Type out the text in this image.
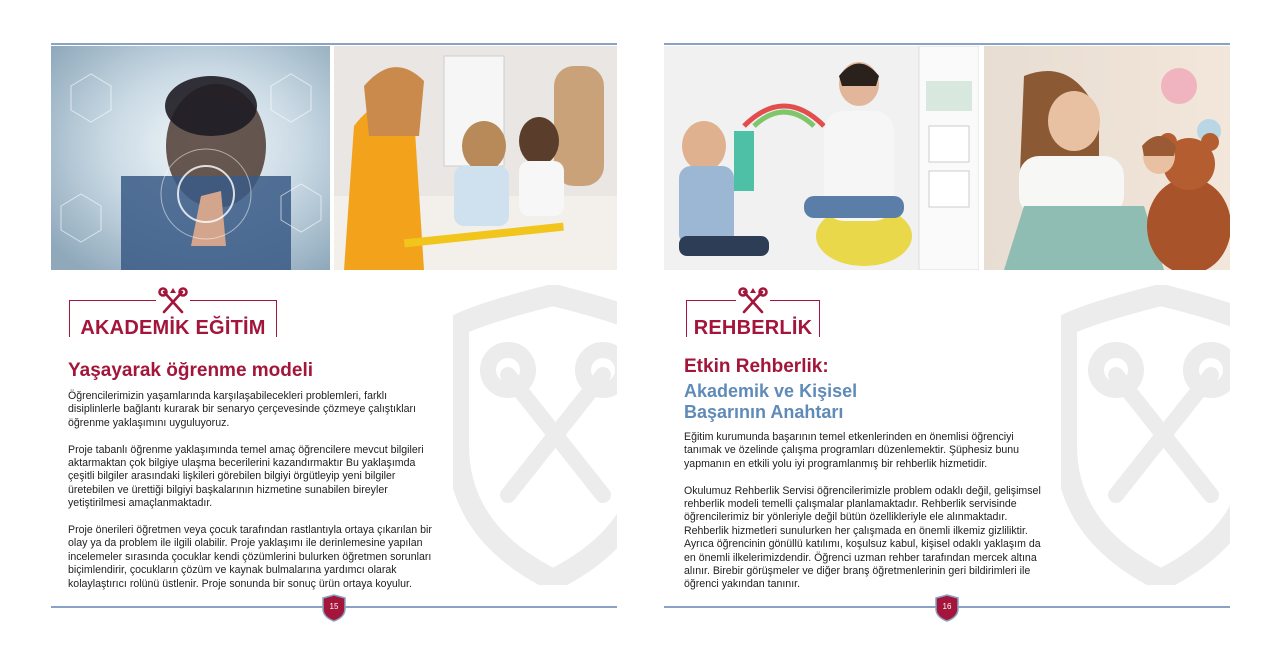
AKADEMİK EĞİTİM
Yaşayarak öğrenme modeli

Öğrencilerimizin yaşamlarında karşılaşabilecekleri problemleri, farklı
disiplinlerle bağlantı kurarak bir senaryo çerçevesinde çözmeye çalıştıkları
öğrenme yaklaşımını uyguluyoruz.

Proje tabanlı öğrenme yaklaşımında temel amaç öğrencilere mevcut bilgileri
aktarmaktan çok bilgiye ulaşma becerilerini kazandırmaktır Bu yaklaşımda
çeşitli bilgiler arasındaki lişkileri görebilen bilgiyi örgütleyip yeni bilgiler
üretebilen ve ürettiği bilgiyi başkalarının hizmetine sunabilen bireyler
yetiştirilmesi amaçlanmaktadır.

Proje önerileri öğretmen veya çocuk tarafından rastlantıyla ortaya çıkarılan bir
olay ya da problem ile ilgili olabilir. Proje yaklaşımı ile derinlemesine yapılan
incelemeler sırasında çocuklar kendi çözümlerini bulurken öğretmen sorunları
biçimlendirir, çocukların çözüm ve kaynak bulmalarına yardımcı olarak
kolaylaştırıcı rolünü üstlenir. Proje sonunda bir sonuç ürün ortaya koyulur.

15
REHBERLİK
Etkin Rehberlik:
Akademik ve Kişisel
Başarının Anahtarı

Eğitim kurumunda başarının temel etkenlerinden en önemlisi öğrenciyi
tanımak ve özelinde çalışma programları düzenlemektir. Şüphesiz bunu
yapmanın en etkili yolu iyi programlanmış bir rehberlik hizmetidir.

Okulumuz Rehberlik Servisi öğrencilerimizle problem odaklı değil, gelişimsel
rehberlik modeli temelli çalışmalar planlamaktadır. Rehberlik servisinde
öğrencilerimiz bir yönleriyle değil bütün özellikleriyle ele alınmaktadır.
Rehberlik hizmetleri sunulurken her çalışmada en önemli ilkemiz gizliliktir.
Ayrıca öğrencinin gönüllü katılımı, koşulsuz kabul, kişisel odaklı yaklaşım da
en önemli ilkelerimizdendir. Öğrenci uzman rehber tarafından mercek altına
alınır. Birebir görüşmeler ve diğer branş öğretmenlerinin geri bildirimleri ile
öğrenci yakından tanınır.

16
